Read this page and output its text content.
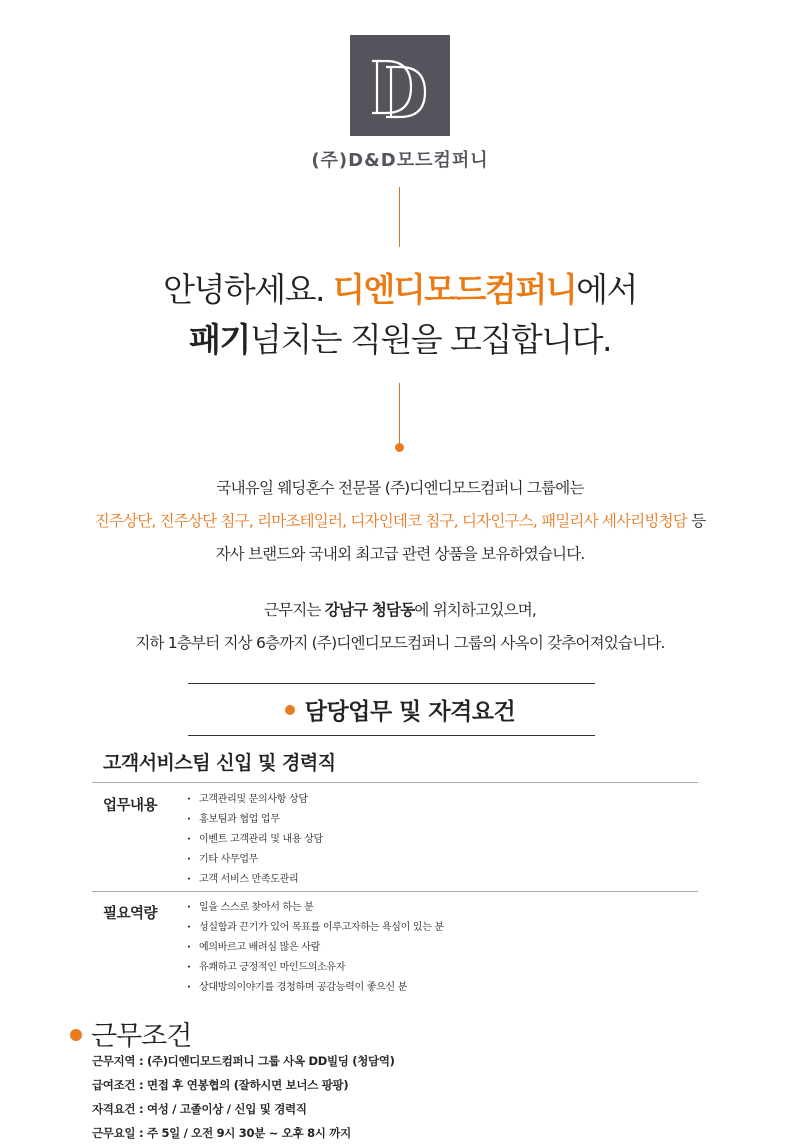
(주)D&D모드컴퍼니
안녕하세요. 디엔디모드컴퍼니에서
패기넘치는 직원을 모집합니다.
국내유일 웨딩혼수 전문몰 (주)디엔디모드컴퍼니 그룹에는
진주상단, 진주상단 침구, 리마조테일러, 디자인데코 침구, 디자인구스, 패밀리사 세사리빙청담 등
자사 브랜드와 국내외 최고급 관련 상품을 보유하였습니다.
근무지는 강남구 청담동에 위치하고있으며,
지하 1층부터 지상 6층까지 (주)디엔디모드컴퍼니 그룹의 사옥이 갖추어져있습니다.
담당업무 및 자격요건
고객서비스팀 신입 및 경력직
업무내용	· 고객관리및 문의사항 상담
· 홍보팀과 협업 업무
· 이벤트 고객관리 및 내용 상담
· 기타 사무업무
· 고객 서비스 만족도관리
필요역량	· 일을 스스로 찾아서 하는 분
· 성실함과 끈기가 있어 목표를 이루고자하는 욕심이 있는 분
· 예의바르고 배려심 많은 사람
· 유쾌하고 긍정적인 마인드의소유자
· 상대방의이야기를 경청하며 공감능력이 좋으신 분
근무조건
근무지역 : (주)디엔디모드컴퍼니 그룹 사옥 DD빌딩 (청담역)
급여조건 : 면접 후 연봉협의 (잘하시면 보너스 팡팡)
자격요건 : 여성 / 고졸이상 / 신입 및 경력직
근무요일 : 주 5일 / 오전 9시 30분 ~ 오후 8시 까지
